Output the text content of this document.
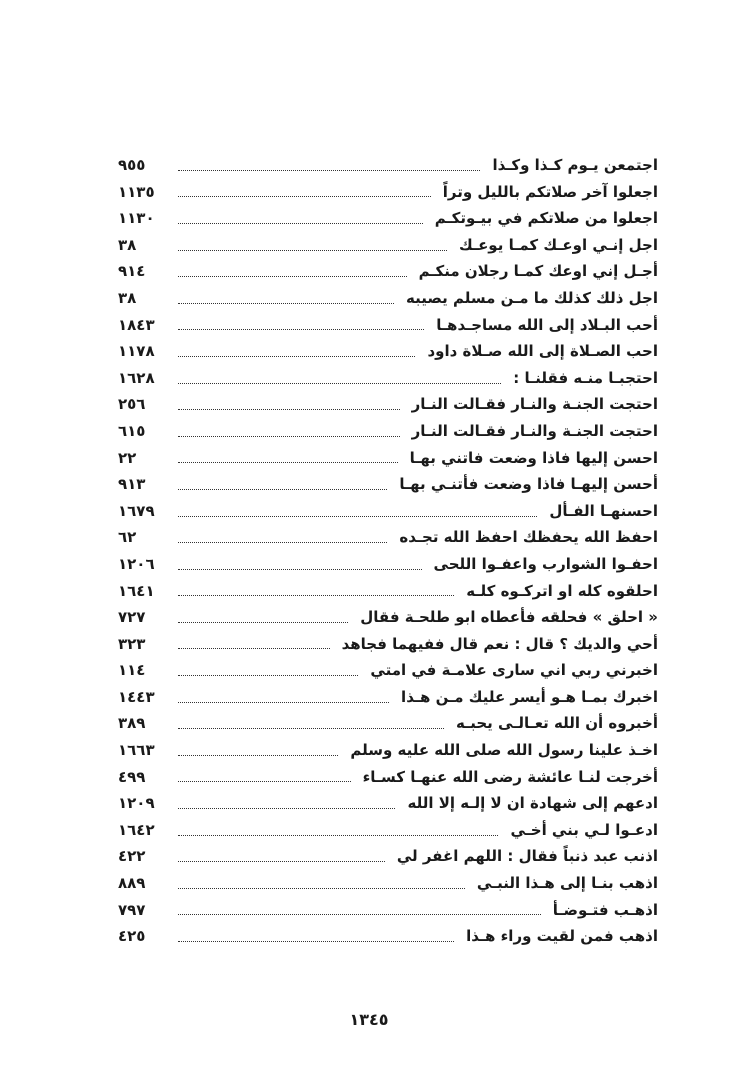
اجتمعن يـوم كـذا وكـذا
٩٥٥
اجعلوا آخر صلاتكم بالليل وتراً
١١٣٥
اجعلوا من صلاتكم في بيـوتكـم
١١٣٠
اجل إنـي اوعـك كمـا يوعـك
٣٨
أجـل إني اوعك كمـا رجلان منكـم
٩١٤
اجل ذلك كذلك ما مـن مسلم يصيبه
٣٨
أحب البـلاد إلى الله مساجـدهـا
١٨٤٣
احب الصـلاة إلى الله صـلاة داود
١١٧٨
احتجبـا منـه فقلنـا :
١٦٢٨
احتجت الجنـة والنـار فقـالت النـار
٢٥٦
احتجت الجنـة والنـار فقـالت النـار
٦١٥
احسن إليها فاذا وضعت فاتني بهـا
٢٢
أحسن إليهـا فاذا وضعت فأتنـي بهـا
٩١٣
احسنهـا الفـأل
١٦٧٩
احفظ الله يحفظك احفظ الله تجـده
٦٢
احفـوا الشوارب واعفـوا اللحى
١٢٠٦
احلقوه كله او اتركـوه كلـه
١٦٤١
« احلق » فحلقه فأعطاه ابو طلحـة فقال
٧٢٧
أحي والديك ؟ قال : نعم قال ففيهما فجاهد
٣٢٣
اخبرني ربي اني سارى علامـة في امتي
١١٤
اخبرك بمـا هـو أيسر عليك مـن هـذا
١٤٤٣
أخبروه أن الله تعـالـى يحبـه
٣٨٩
اخـذ علينا رسول الله صلى الله عليه وسلم
١٦٦٣
أخرجت لنـا عائشة رضى الله عنهـا كسـاء
٤٩٩
ادعهم إلى شهادة ان لا إلـه إلا الله
١٢٠٩
ادعـوا لـي بني أخـي
١٦٤٢
اذنب عبد ذنباً فقال : اللهم اغفر لي
٤٢٢
اذهب بنـا إلى هـذا النبـي
٨٨٩
اذهـب فتـوضـأ
٧٩٧
اذهب فمن لقيت وراء هـذا
٤٢٥
١٣٤٥
